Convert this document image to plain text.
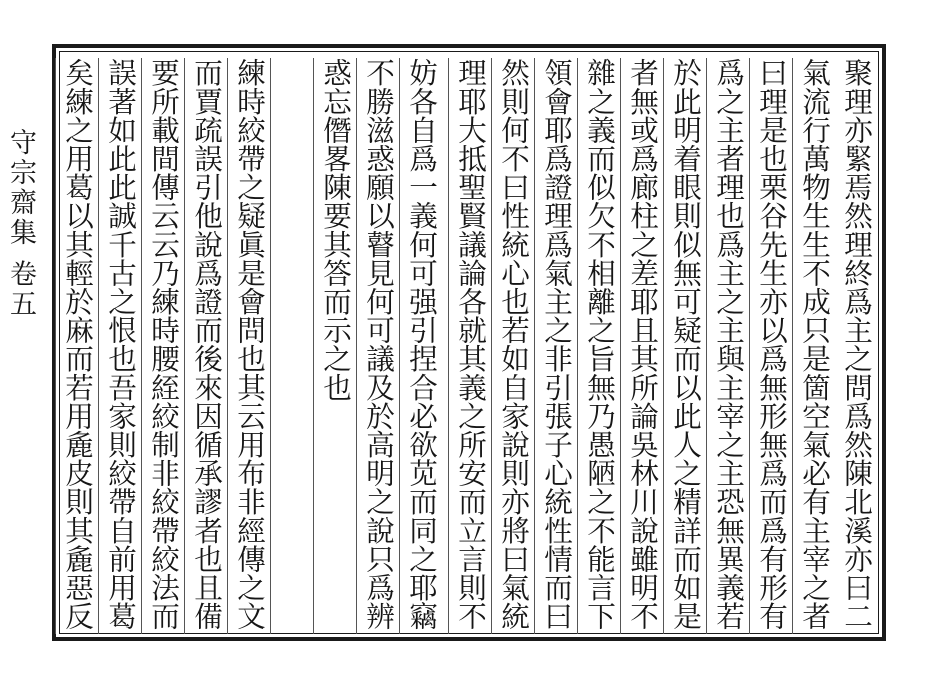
守宗齋集 卷五	聚理亦緊焉然理終爲主之問爲然陳北溪亦曰二
氣流行萬物生生不成只是箇空氣必有主宰之者
曰理是也栗谷先生亦以爲無形無爲而爲有形有
爲之主者理也爲主之主與主宰之主恐無異義若
於此明着眼則似無可疑而以此人之精詳而如是
者無或爲廊柱之差耶且其所論吳林川說雖明不
雜之義而似欠不相離之旨無乃愚陋之不能言下
領會耶爲證理爲氣主之非引張子心統性情而曰
然則何不曰性統心也若如自家說則亦將曰氣統
理耶大抵聖賢議論各就其義之所安而立言則不
妨各自爲一義何可强引捏合必欲苋而同之耶竊
不勝滋惑願以瞽見何可議及於高明之說只爲辨
惑忘僭畧陳要其答而示之也
練時絞帶之疑眞是會問也其云用布非經傳之文
而賈疏誤引他說爲證而後來因循承謬者也且備
要所載間傳云云乃練時腰絰絞制非絞帶絞法而
誤著如此此誠千古之恨也吾家則絞帶自前用葛
矣練之用葛以其輕於麻而若用麁皮則其麁惡反
